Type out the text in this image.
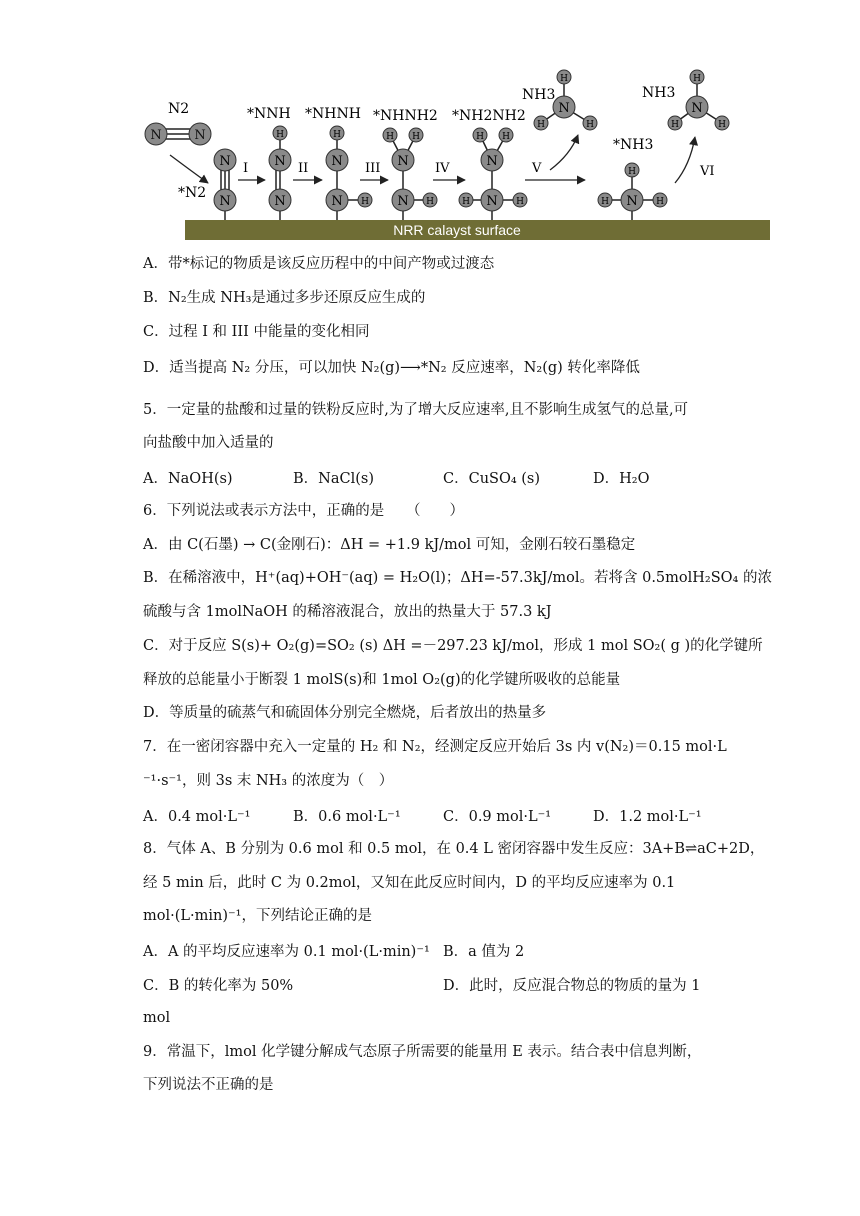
NRR calayst surface
N	N
N2
N
N
*N2
I
H
N
N
*NNH
II
H
N
N H
*NHNH
III
H H
N
N H
*NHNH2
IV
H H
N
N
H	H
*NH2NH2
V
H
H	H
N
NH3
H
H	H
N
*NH3
VI
H
H	H
N
NH3
A．带*标记的物质是该反应历程中的中间产物或过渡态
B．N₂生成 NH₃是通过多步还原反应生成的
C．过程 I 和 III 中能量的变化相同
D．适当提高 N₂ 分压，可以加快 N₂(g)⟶*N₂ 反应速率，N₂(g) 转化率降低
5．一定量的盐酸和过量的铁粉反应时,为了增大反应速率,且不影响生成氢气的总量,可
向盐酸中加入适量的
A．NaOH(s)	B．NaCl(s)	C．CuSO₄ (s)	D．H₂O
6．下列说法或表示方法中，正确的是　　（　　）
A．由 C(石墨) → C(金刚石)：ΔH = +1.9 kJ/mol 可知，金刚石较石墨稳定
B．在稀溶液中，H⁺(aq)+OH⁻(aq) = H₂O(l)；ΔH=-57.3kJ/mol。若将含 0.5molH₂SO₄ 的浓
硫酸与含 1molNaOH 的稀溶液混合，放出的热量大于 57.3 kJ
C．对于反应 S(s)+ O₂(g)=SO₂ (s) ΔH =－297.23 kJ/mol，形成 1 mol SO₂( g )的化学键所
释放的总能量小于断裂 1 molS(s)和 1mol O₂(g)的化学键所吸收的总能量
D．等质量的硫蒸气和硫固体分别完全燃烧，后者放出的热量多
7．在一密闭容器中充入一定量的 H₂ 和 N₂，经测定反应开始后 3s 内 v(N₂)＝0.15 mol·L
⁻¹·s⁻¹，则 3s 末 NH₃ 的浓度为（　）
A．0.4 mol·L⁻¹	B．0.6 mol·L⁻¹	C．0.9 mol·L⁻¹	D．1.2 mol·L⁻¹
8．气体 A、B 分别为 0.6 mol 和 0.5 mol，在 0.4 L 密闭容器中发生反应：3A+B⇌aC+2D，
经 5 min 后，此时 C 为 0.2mol，又知在此反应时间内，D 的平均反应速率为 0.1
mol·(L·min)⁻¹，下列结论正确的是
A．A 的平均反应速率为 0.1 mol·(L·min)⁻¹ B．a 值为 2
C．B 的转化率为 50%	D．此时，反应混合物总的物质的量为 1
mol
9．常温下，lmol 化学键分解成气态原子所需要的能量用 E 表示。结合表中信息判断，
下列说法不正确的是
